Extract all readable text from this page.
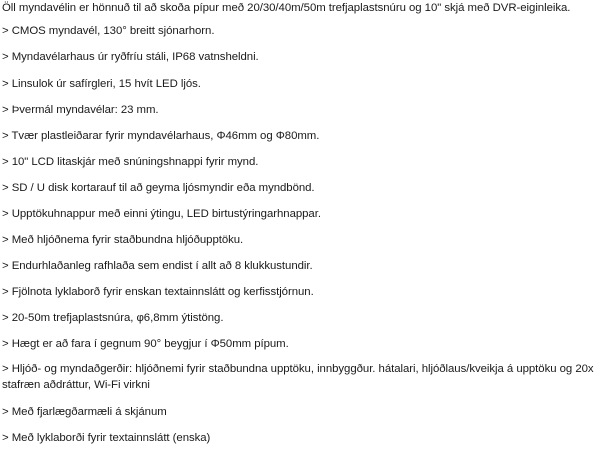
Öll myndavélin er hönnuð til að skoða pípur með 20/30/40m/50m trefjaplastsnúru og 10" skjá með DVR-eiginleika.
> CMOS myndavél, 130° breitt sjónarhorn.
> Myndavélarhaus úr ryðfríu stáli, IP68 vatnsheldni.
> Linsulok úr safírgleri, 15 hvít LED ljós.
> Þvermál myndavélar: 23 mm.
> Tvær plastleiðarar fyrir myndavélarhaus, Φ46mm og Φ80mm.
> 10" LCD litaskjár með snúningshnappi fyrir mynd.
> SD / U disk kortarauf til að geyma ljósmyndir eða myndbönd.
> Upptökuhnappur með einni ýtingu, LED birtustýringarhnappar.
> Með hljóðnema fyrir staðbundna hljóðupptöku.
> Endurhlaðanleg rafhlaða sem endist í allt að 8 klukkustundir.
> Fjölnota lyklaborð fyrir enskan textainnslátt og kerfisstjórnun.
> 20-50m trefjaplastsnúra, φ6,8mm ýtistöng.
> Hægt er að fara í gegnum 90° beygjur í Φ50mm pípum.
> Hljóð- og myndaðgerðir: hljóðnemi fyrir staðbundna upptöku, innbyggður. hátalari, hljóðlaus/kveikja á upptöku og 20x stafræn aðdráttur, Wi-Fi virkni
> Með fjarlægðarmæli á skjánum
> Með lyklaborði fyrir textainnslátt (enska)
